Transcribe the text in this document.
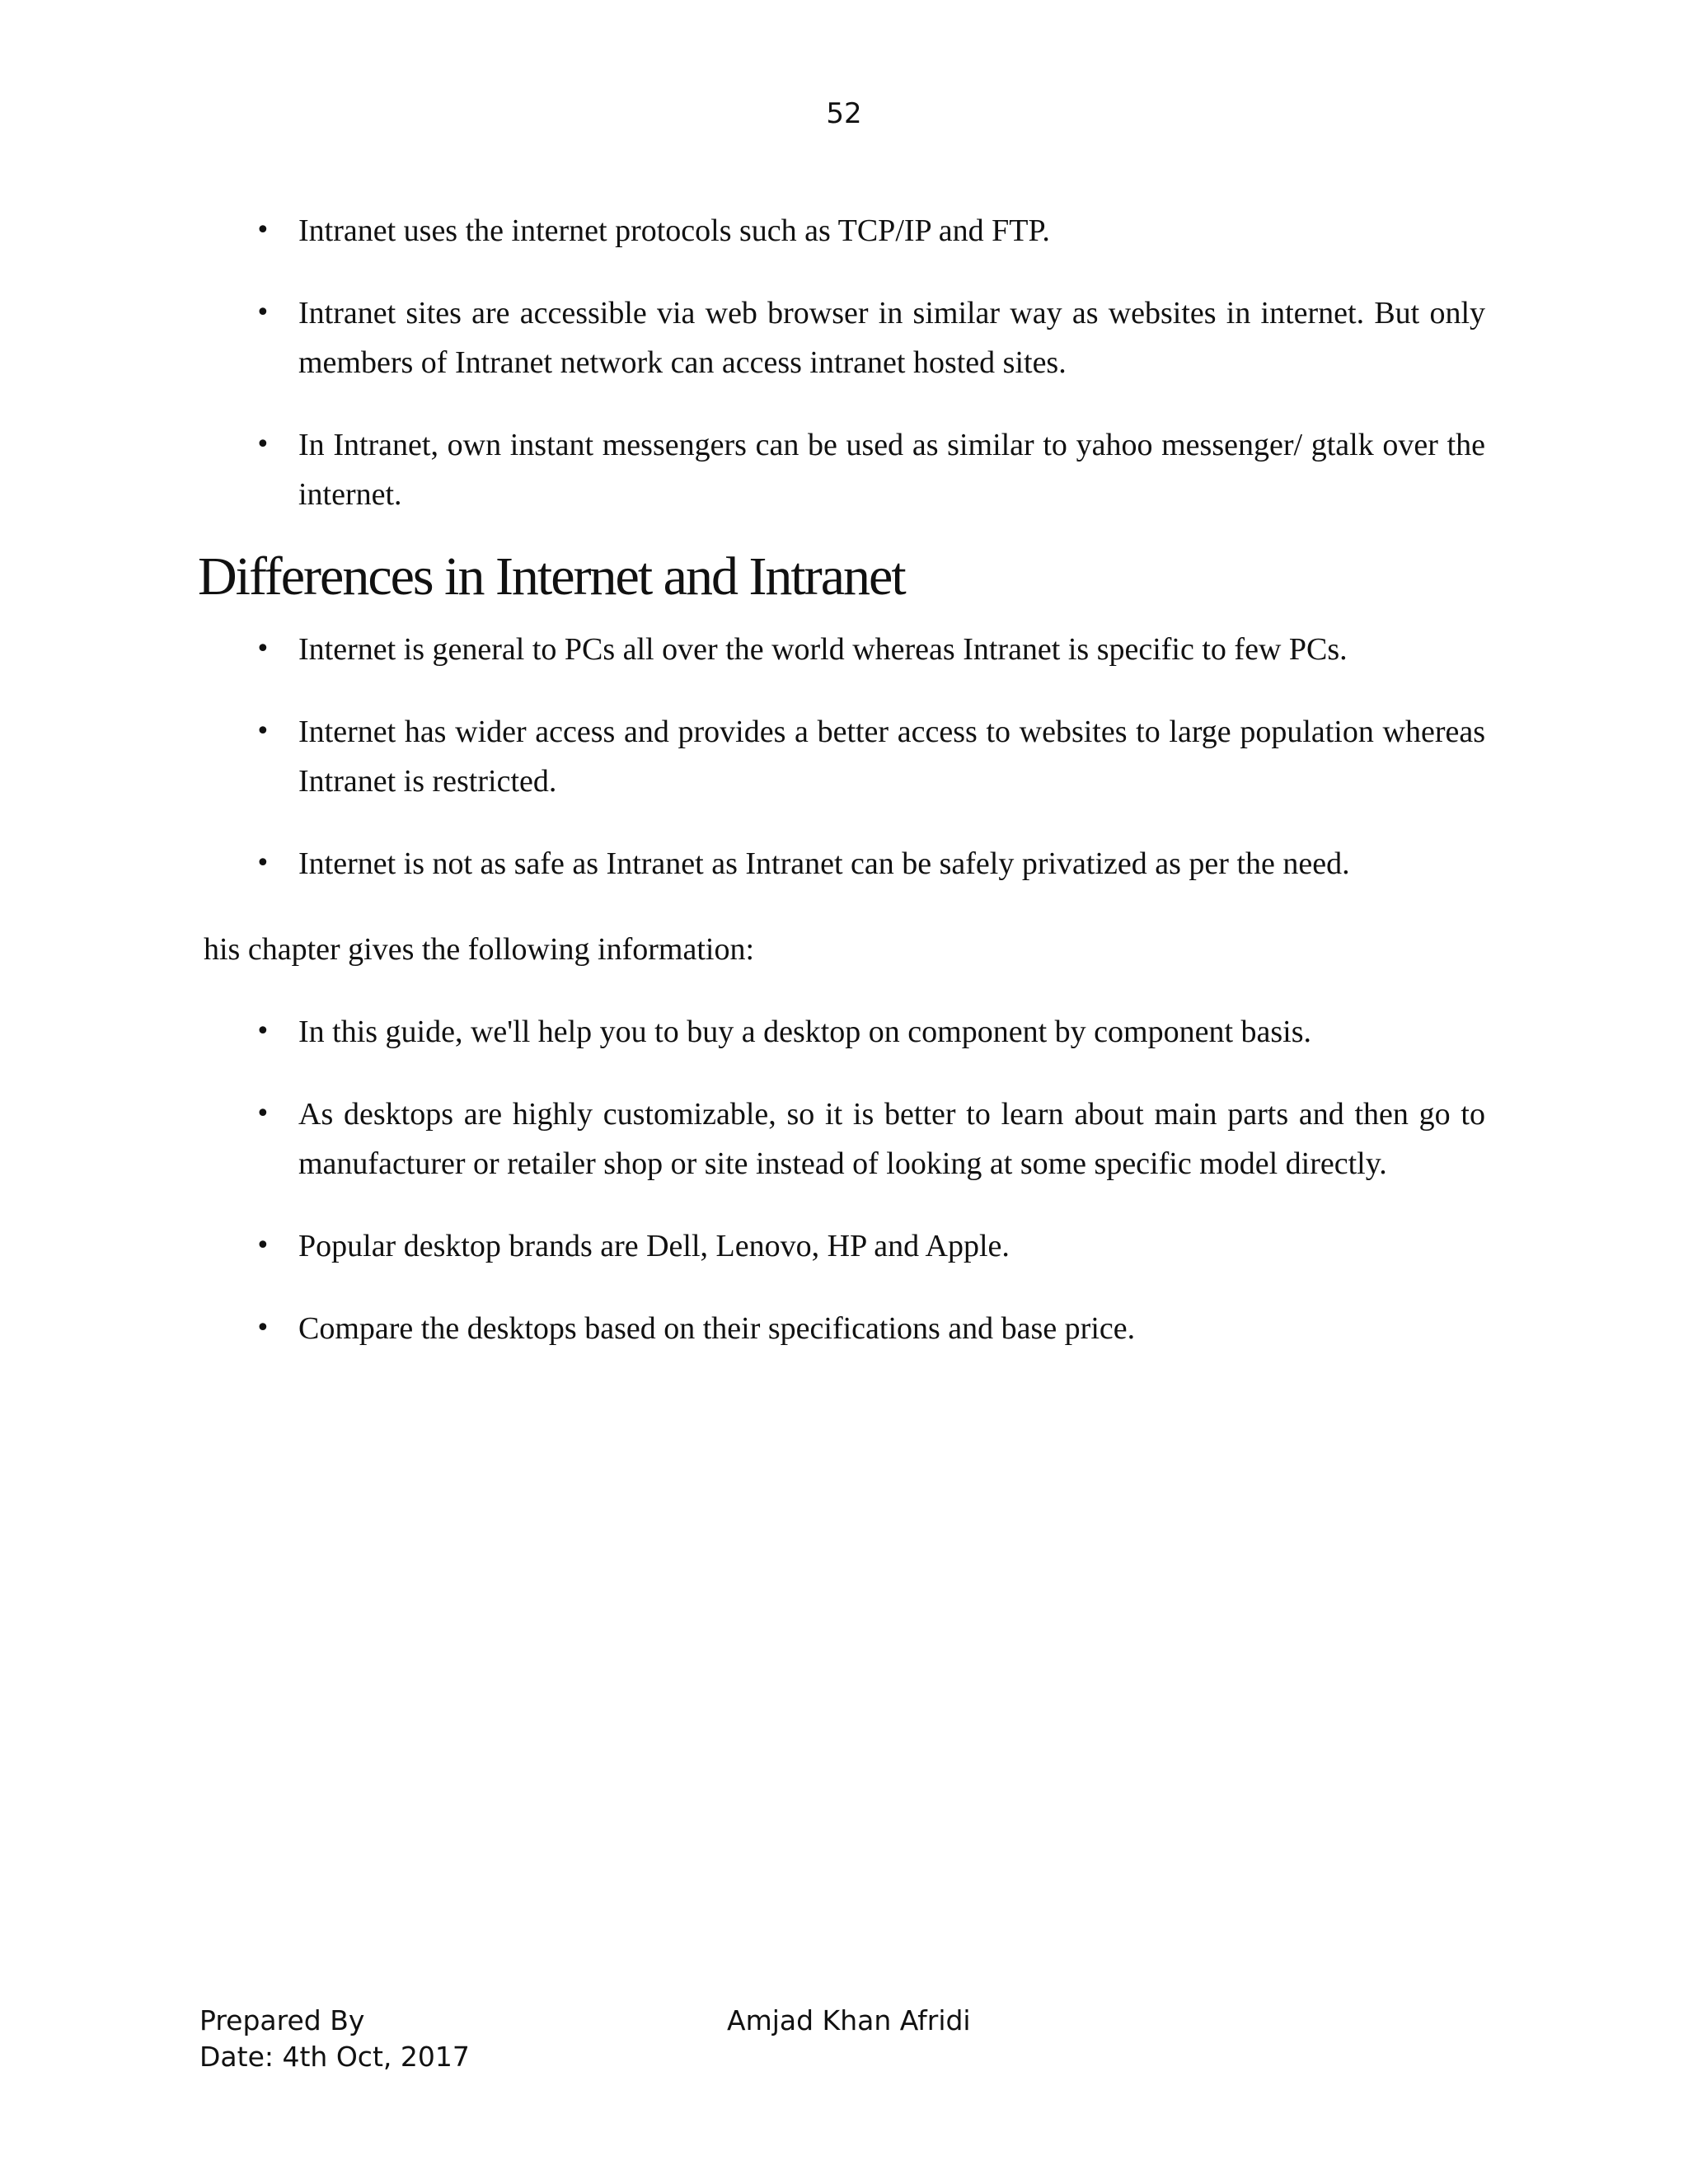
52
• Intranet uses the internet protocols such as TCP/IP and FTP.
• Intranet sites are accessible via web browser in similar way as websites in internet. But only members of Intranet network can access intranet hosted sites.
• In Intranet, own instant messengers can be used as similar to yahoo messenger/ gtalk over the internet.
Differences in Internet and Intranet
• Internet is general to PCs all over the world whereas Intranet is specific to few PCs.
• Internet has wider access and provides a better access to websites to large population whereas Intranet is restricted.
• Internet is not as safe as Intranet as Intranet can be safely privatized as per the need.
his chapter gives the following information:
• In this guide, we'll help you to buy a desktop on component by component basis.
• As desktops are highly customizable, so it is better to learn about main parts and then go to manufacturer or retailer shop or site instead of looking at some specific model directly.
• Popular desktop brands are Dell, Lenovo, HP and Apple.
• Compare the desktops based on their specifications and base price.
Prepared By	Amjad Khan Afridi
Date: 4th Oct, 2017
